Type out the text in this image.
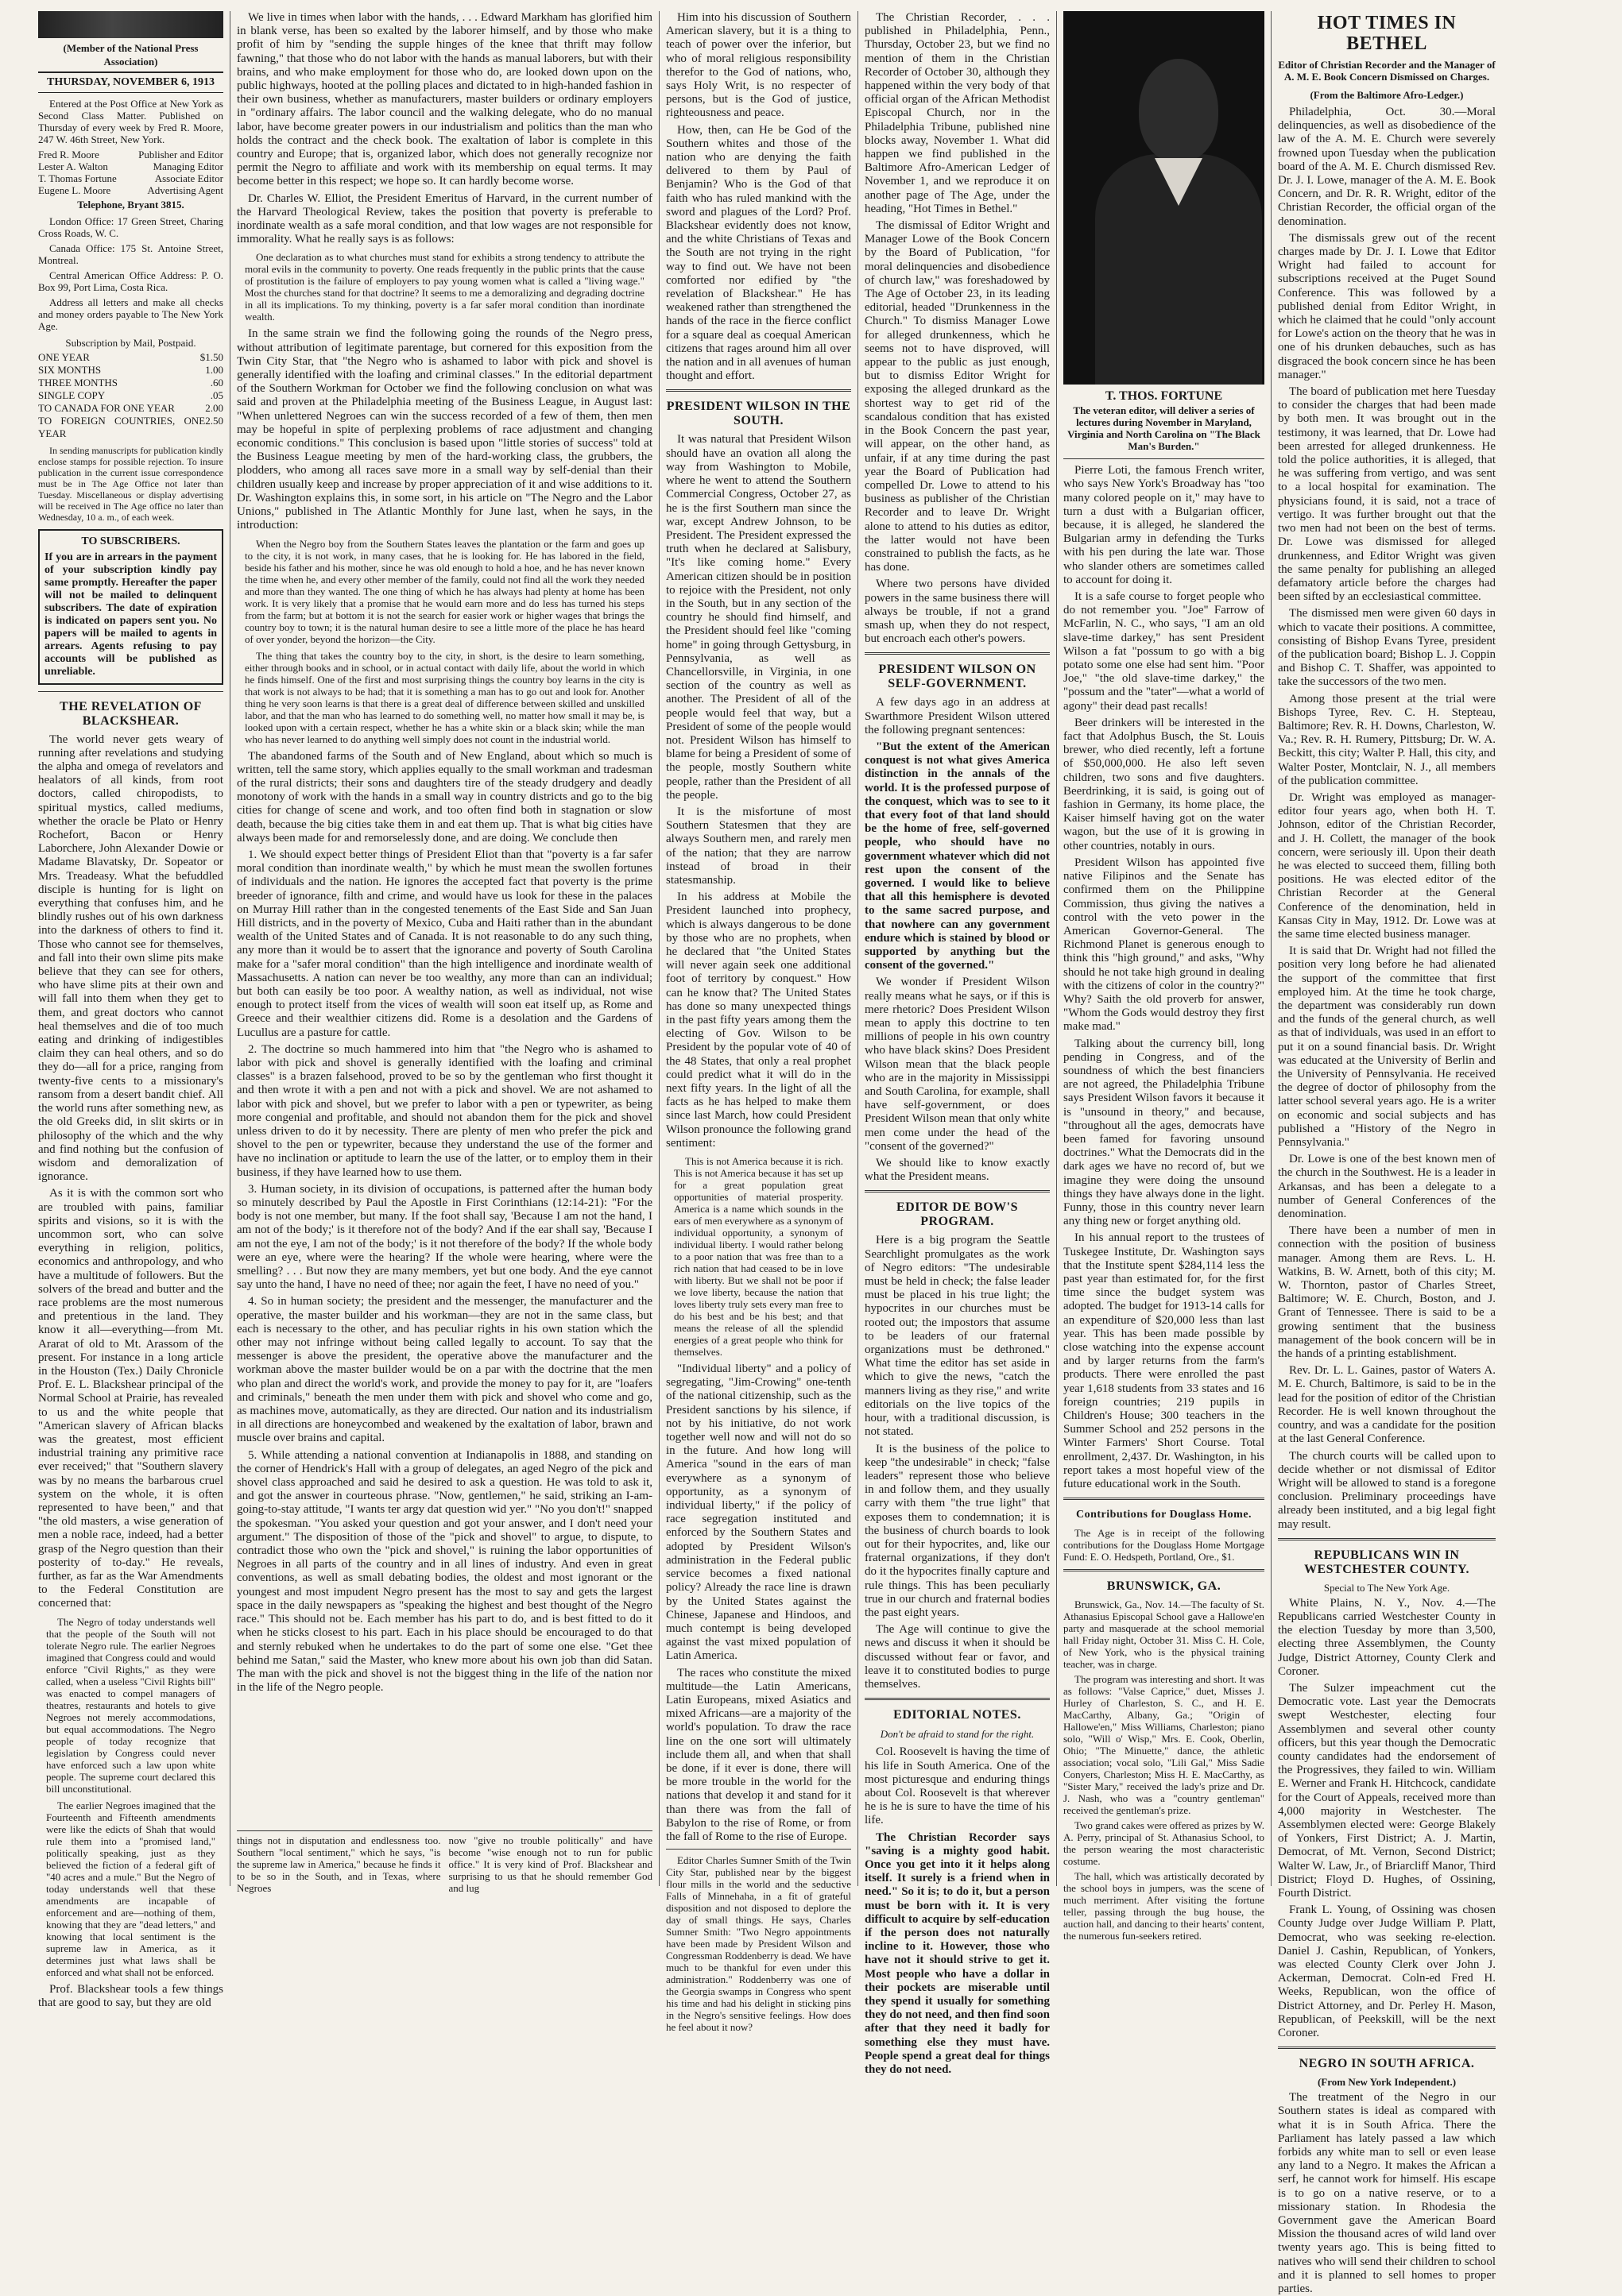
(Member of the National Press Association)
THURSDAY, NOVEMBER 6, 1913

Entered at the Post Office at New York as Second Class Matter. Published on Thursday of every week by Fred R. Moore, 247 W. 46th Street, New York.

Fred R. Moore	Publisher and Editor
Lester A. Walton	Managing Editor
T. Thomas Fortune	Associate Editor
Eugene L. Moore	Advertising Agent
Telephone, Bryant 3815.

London Office: 17 Green Street, Charing Cross Roads, W. C.

Canada Office: 175 St. Antoine Street, Montreal.

Central American Office Address: P. O. Box 99, Port Lima, Costa Rica.

Address all letters and make all checks and money orders payable to The New York Age.

Subscription by Mail, Postpaid.
ONE YEAR	$1.50
SIX MONTHS	1.00
THREE MONTHS	.60
SINGLE COPY	.05
TO CANADA FOR ONE YEAR	2.00
TO FOREIGN COUNTRIES, ONE YEAR
2.50

In sending manuscripts for publication kindly enclose stamps for possible rejection. To insure publication in the current issue correspondence must be in The Age Office not later than Tuesday. Miscellaneous or display advertising will be received in The Age office no later than Wednesday, 10 a. m., of each week.

TO SUBSCRIBERS.
If you are in arrears in the payment of your subscription kindly pay same promptly. Hereafter the paper will not be mailed to delinquent subscribers. The date of expiration is indicated on papers sent you. No papers will be mailed to agents in arrears. Agents refusing to pay accounts will be published as unreliable.
THE REVELATION OF BLACKSHEAR.

The world never gets weary of running after revelations and studying the alpha and omega of revelators and healators of all kinds, from root doctors, called chiropodists, to spiritual mystics, called mediums, whether the oracle be Plato or Henry Rochefort, Bacon or Henry Laborchere, John Alexander Dowie or Madame Blavatsky, Dr. Sopeator or Mrs. Treadeasy. What the befuddled disciple is hunting for is light on everything that confuses him, and he blindly rushes out of his own darkness into the darkness of others to find it. Those who cannot see for themselves, and fall into their own slime pits make believe that they can see for others, who have slime pits at their own and will fall into them when they get to them, and great doctors who cannot heal themselves and die of too much eating and drinking of indigestibles claim they can heal others, and so do they do—all for a price, ranging from twenty-five cents to a missionary's ransom from a desert bandit chief. All the world runs after something new, as the old Greeks did, in slit skirts or in philosophy of the which and the why and find nothing but the confusion of wisdom and demoralization of ignorance.

As it is with the common sort who are troubled with pains, familiar spirits and visions, so it is with the uncommon sort, who can solve everything in religion, politics, economics and anthropology, and who have a multitude of followers. But the solvers of the bread and butter and the race problems are the most numerous and pretentious in the land. They know it all—everything—from Mt. Ararat of old to Mt. Arassom of the present. For instance in a long article in the Houston (Tex.) Daily Chronicle Prof. E. L. Blackshear principal of the Normal School at Prairie, has revealed to us and the white people that "American slavery of African blacks was the greatest, most efficient industrial training any primitive race ever received;" that "Southern slavery was by no means the barbarous cruel system on the whole, it is often represented to have been," and that "the old masters, a wise generation of men a noble race, indeed, had a better grasp of the Negro question than their posterity of to-day." He reveals, further, as far as the War Amendments to the Federal Constitution are concerned that:

The Negro of today understands well that the people of the South will not tolerate Negro rule. The earlier Negroes imagined that Congress could and would enforce "Civil Rights," as they were called, when a useless "Civil Rights bill" was enacted to compel managers of theatres, restaurants and hotels to give Negroes not merely accommodations, but equal accommodations. The Negro people of today recognize that legislation by Congress could never have enforced such a law upon white people. The supreme court declared this bill unconstitutional.

The earlier Negroes imagined that the Fourteenth and Fifteenth amendments were like the edicts of Shah that would rule them into a "promised land," politically speaking, just as they believed the fiction of a federal gift of "40 acres and a mule." But the Negro of today understands well that these amendments are incapable of enforcement and are—nothing of them, knowing that they are "dead letters," and knowing that local sentiment is the supreme law in America, as it determines just what laws shall be enforced and what shall not be enforced.

Prof. Blackshear tools a few things that are good to say, but they are old

We live in times when labor with the hands, . . . Edward Markham has glorified him in blank verse, has been so exalted by the laborer himself, and by those who make profit of him by "sending the supple hinges of the knee that thrift may follow fawning," that those who do not labor with the hands as manual laborers, but with their brains, and who make employment for those who do, are looked down upon on the public highways, hooted at the polling places and dictated to in high-handed fashion in their own business, whether as manufacturers, master builders or ordinary employers in "ordinary affairs. The labor council and the walking delegate, who do no manual labor, have become greater powers in our industrialism and politics than the man who holds the contract and the check book. The exaltation of labor is complete in this country and Europe; that is, organized labor, which does not generally recognize nor permit the Negro to affiliate and work with its membership on equal terms. It may become better in this respect; we hope so. It can hardly become worse.

Dr. Charles W. Elliot, the President Emeritus of Harvard, in the current number of the Harvard Theological Review, takes the position that poverty is preferable to inordinate wealth as a safe moral condition, and that low wages are not responsible for immorality. What he really says is as follows:

One declaration as to what churches must stand for exhibits a strong tendency to attribute the moral evils in the community to poverty. One reads frequently in the public prints that the cause of prostitution is the failure of employers to pay young women what is called a "living wage." Most the churches stand for that doctrine? It seems to me a demoralizing and degrading doctrine in all its implications. To my thinking, poverty is a far safer moral condition than inordinate wealth.

In the same strain we find the following going the rounds of the Negro press, without attribution of legitimate parentage, but cornered for this exposition from the Twin City Star, that "the Negro who is ashamed to labor with pick and shovel is generally identified with the loafing and criminal classes." In the editorial department of the Southern Workman for October we find the following conclusion on what was said and proven at the Philadelphia meeting of the Business League, in August last: "When unlettered Negroes can win the success recorded of a few of them, then men may be hopeful in spite of perplexing problems of race adjustment and changing economic conditions." This conclusion is based upon "little stories of success" told at the Business League meeting by men of the hard-working class, the grubbers, the plodders, who among all races save more in a small way by self-denial than their children usually keep and increase by proper appreciation of it and wise additions to it. Dr. Washington explains this, in some sort, in his article on "The Negro and the Labor Unions," published in The Atlantic Monthly for June last, when he says, in the introduction:

When the Negro boy from the Southern States leaves the plantation or the farm and goes up to the city, it is not work, in many cases, that he is looking for. He has labored in the field, beside his father and his mother, since he was old enough to hold a hoe, and he has never known the time when he, and every other member of the family, could not find all the work they needed and more than they wanted. The one thing of which he has always had plenty at home has been work. It is very likely that a promise that he would earn more and do less has turned his steps from the farm; but at bottom it is not the search for easier work or higher wages that brings the country boy to town; it is the natural human desire to see a little more of the place he has heard of over yonder, beyond the horizon—the City.

The thing that takes the country boy to the city, in short, is the desire to learn something, either through books and in school, or in actual contact with daily life, about the world in which he finds himself. One of the first and most surprising things the country boy learns in the city is that work is not always to be had; that it is something a man has to go out and look for. Another thing he very soon learns is that there is a great deal of difference between skilled and unskilled labor, and that the man who has learned to do something well, no matter how small it may be, is looked upon with a certain respect, whether he has a white skin or a black skin; while the man who has never learned to do anything well simply does not count in the industrial world.

The abandoned farms of the South and of New England, about which so much is written, tell the same story, which applies equally to the small workman and tradesman of the rural districts; their sons and daughters tire of the steady drudgery and deadly monotony of work with the hands in a small way in country districts and go to the big cities for change of scene and work, and too often find both in stagnation or slow death, because the big cities take them in and eat them up. That is what big cities have always been made for and remorselessly done, and are doing. We conclude then

1. We should expect better things of President Eliot than that "poverty is a far safer moral condition than inordinate wealth," by which he must mean the swollen fortunes of individuals and the nation. He ignores the accepted fact that poverty is the prime breeder of ignorance, filth and crime, and would have us look for these in the palaces on Murray Hill rather than in the congested tenements of the East Side and San Juan Hill districts, and in the poverty of Mexico, Cuba and Haiti rather than in the abundant wealth of the United States and of Canada. It is not reasonable to do any such thing, any more than it would be to assert that the ignorance and poverty of South Carolina make for a "safer moral condition" than the high intelligence and inordinate wealth of Massachusetts. A nation can never be too wealthy, any more than can an individual; but both can easily be too poor. A wealthy nation, as well as individual, not wise enough to protect itself from the vices of wealth will soon eat itself up, as Rome and Greece and their wealthier citizens did. Rome is a desolation and the Gardens of Lucullus are a pasture for cattle.

2. The doctrine so much hammered into him that "the Negro who is ashamed to labor with pick and shovel is generally identified with the loafing and criminal classes" is a brazen falsehood, proved to be so by the gentleman who first thought it and then wrote it with a pen and not with a pick and shovel. We are not ashamed to labor with pick and shovel, but we prefer to labor with a pen or typewriter, as being more congenial and profitable, and should not abandon them for the pick and shovel unless driven to do it by necessity. There are plenty of men who prefer the pick and shovel to the pen or typewriter, because they understand the use of the former and have no inclination or aptitude to learn the use of the latter, or to employ them in their business, if they have learned how to use them.

3. Human society, in its division of occupations, is patterned after the human body so minutely described by Paul the Apostle in First Corinthians (12:14-21): "For the body is not one member, but many. If the foot shall say, 'Because I am not the hand, I am not of the body;' is it therefore not of the body? And if the ear shall say, 'Because I am not the eye, I am not of the body;' is it not therefore of the body? If the whole body were an eye, where were the hearing? If the whole were hearing, where were the smelling? . . . But now they are many members, yet but one body. And the eye cannot say unto the hand, I have no need of thee; nor again the feet, I have no need of you."

4. So in human society; the president and the messenger, the manufacturer and the operative, the master builder and his workman—they are not in the same class, but each is necessary to the other, and has peculiar rights in his own station which the other may not infringe without being called legally to account. To say that the messenger is above the president, the operative above the manufacturer and the workman above the master builder would be on a par with the doctrine that the men who plan and direct the world's work, and provide the money to pay for it, are "loafers and criminals," beneath the men under them with pick and shovel who come and go, as machines move, automatically, as they are directed. Our nation and its industrialism in all directions are honeycombed and weakened by the exaltation of labor, brawn and muscle over brains and capital.

5. While attending a national convention at Indianapolis in 1888, and standing on the corner of Hendrick's Hall with a group of delegates, an aged Negro of the pick and shovel class approached and said he desired to ask a question. He was told to ask it, and got the answer in courteous phrase. "Now, gentlemen," he said, striking an I-am-going-to-stay attitude, "I wants ter argy dat question wid yer." "No you don't!" snapped the spokesman. "You asked your question and got your answer, and I don't need your argument." The disposition of those of the "pick and shovel" to argue, to dispute, to contradict those who own the "pick and shovel," is ruining the labor opportunities of Negroes in all parts of the country and in all lines of industry. And even in great conventions, as well as small debating bodies, the oldest and most ignorant or the youngest and most impudent Negro present has the most to say and gets the largest space in the daily newspapers as "speaking the highest and best thought of the Negro race." This should not be. Each member has his part to do, and is best fitted to do it when he sticks closest to his part. Each in his place should be encouraged to do that and sternly rebuked when he undertakes to do the part of some one else. "Get thee behind me Satan," said the Master, who knew more about his own job than did Satan. The man with the pick and shovel is not the biggest thing in the life of the nation nor in the life of the Negro people.

things not in disputation and endlessness too. Southern "local sentiment," which he says, "is the supreme law in America," because he finds it to be so in the South, and in Texas, where Negroes
now "give no trouble politically" and have become "wise enough not to run for public office." It is very kind of Prof. Blackshear and surprising to us that he should remember God and lug

Him into his discussion of Southern American slavery, but it is a thing to teach of power over the inferior, but who of moral religious responsibility therefor to the God of nations, who, says Holy Writ, is no respecter of persons, but is the God of justice, righteousness and peace.

How, then, can He be God of the Southern whites and those of the nation who are denying the faith delivered to them by Paul of Benjamin? Who is the God of that faith who has ruled mankind with the sword and plagues of the Lord? Prof. Blackshear evidently does not know, and the white Christians of Texas and the South are not trying in the right way to find out. We have not been comforted nor edified by "the revelation of Blackshear." He has weakened rather than strengthened the hands of the race in the fierce conflict for a square deal as coequal American citizens that rages around him all over the nation and in all avenues of human thought and effort.

PRESIDENT WILSON IN THE SOUTH.

It was natural that President Wilson should have an ovation all along the way from Washington to Mobile, where he went to attend the Southern Commercial Congress, October 27, as he is the first Southern man since the war, except Andrew Johnson, to be President. The President expressed the truth when he declared at Salisbury, "It's like coming home." Every American citizen should be in position to rejoice with the President, not only in the South, but in any section of the country he should find himself, and the President should feel like "coming home" in going through Gettysburg, in Pennsylvania, as well as Chancellorsville, in Virginia, in one section of the country as well as another. The President of all of the people would feel that way, but a President of some of the people would not. President Wilson has himself to blame for being a President of some of the people, mostly Southern white people, rather than the President of all the people.

It is the misfortune of most Southern Statesmen that they are always Southern men, and rarely men of the nation; that they are narrow instead of broad in their statesmanship.

In his address at Mobile the President launched into prophecy, which is always dangerous to be done by those who are no prophets, when he declared that "the United States will never again seek one additional foot of territory by conquest." How can he know that? The United States has done so many unexpected things in the past fifty years among them the electing of Gov. Wilson to be President by the popular vote of 40 of the 48 States, that only a real prophet could predict what it will do in the next fifty years. In the light of all the facts as he has helped to make them since last March, how could President Wilson pronounce the following grand sentiment:

This is not America because it is rich. This is not America because it has set up for a great population great opportunities of material prosperity. America is a name which sounds in the ears of men everywhere as a synonym of individual opportunity, a synonym of individual liberty. I would rather belong to a poor nation that was free than to a rich nation that had ceased to be in love with liberty. But we shall not be poor if we love liberty, because the nation that loves liberty truly sets every man free to do his best and be his best; and that means the release of all the splendid energies of a great people who think for themselves.

"Individual liberty" and a policy of segregating, "Jim-Crowing" one-tenth of the national citizenship, such as the President sanctions by his silence, if not by his initiative, do not work together well now and will not do so in the future. And how long will America "sound in the ears of man everywhere as a synonym of opportunity, as a synonym of individual liberty," if the policy of race segregation instituted and enforced by the Southern States and adopted by President Wilson's administration in the Federal public service becomes a fixed national policy? Already the race line is drawn by the United States against the Chinese, Japanese and Hindoos, and much contempt is being developed against the vast mixed population of Latin America.

The races who constitute the mixed multitude—the Latin Americans, Latin Europeans, mixed Asiatics and mixed Africans—are a majority of the world's population. To draw the race line on the one sort will ultimately include them all, and when that shall be done, if it ever is done, there will be more trouble in the world for the nations that develop it and stand for it than there was from the fall of Babylon to the rise of Rome, or from the fall of Rome to the rise of Europe.

Editor Charles Sumner Smith of the Twin City Star, published near by the biggest flour mills in the world and the seductive Falls of Minnehaha, in a fit of grateful disposition and not disposed to deplore the day of small things. He says, Charles Sumner Smith: "Two Negro appointments have been made by President Wilson and Congressman Roddenberry is dead. We have much to be thankful for even under this administration." Roddenberry was one of the Georgia swamps in Congress who spent his time and had his delight in sticking pins in the Negro's sensitive feelings. How does he feel about it now?

The Christian Recorder, . . . published in Philadelphia, Penn., Thursday, October 23, but we find no mention of them in the Christian Recorder of October 30, although they happened within the very body of that official organ of the African Methodist Episcopal Church, nor in the Philadelphia Tribune, published nine blocks away, November 1. What did happen we find published in the Baltimore Afro-American Ledger of November 1, and we reproduce it on another page of The Age, under the heading, "Hot Times in Bethel."

The dismissal of Editor Wright and Manager Lowe of the Book Concern by the Board of Publication, "for moral delinquencies and disobedience of church law," was foreshadowed by The Age of October 23, in its leading editorial, headed "Drunkenness in the Church." To dismiss Manager Lowe for alleged drunkenness, which he seems not to have disproved, will appear to the public as just enough, but to dismiss Editor Wright for exposing the alleged drunkard as the shortest way to get rid of the scandalous condition that has existed in the Book Concern the past year, will appear, on the other hand, as unfair, if at any time during the past year the Board of Publication had compelled Dr. Lowe to attend to his business as publisher of the Christian Recorder and to leave Dr. Wright alone to attend to his duties as editor, the latter would not have been constrained to publish the facts, as he has done.

Where two persons have divided powers in the same business there will always be trouble, if not a grand smash up, when they do not respect, but encroach each other's powers.

PRESIDENT WILSON ON SELF-GOVERNMENT.

A few days ago in an address at Swarthmore President Wilson uttered the following pregnant sentences:

"But the extent of the American conquest is not what gives America distinction in the annals of the world. It is the professed purpose of the conquest, which was to see to it that every foot of that land should be the home of free, self-governed people, who should have no government whatever which did not rest upon the consent of the governed. I would like to believe that all this hemisphere is devoted to the same sacred purpose, and that nowhere can any government endure which is stained by blood or supported by anything but the consent of the governed."

We wonder if President Wilson really means what he says, or if this is mere rhetoric? Does President Wilson mean to apply this doctrine to ten millions of people in his own country who have black skins? Does President Wilson mean that the black people who are in the majority in Mississippi and South Carolina, for example, shall have self-government, or does President Wilson mean that only white men come under the head of the "consent of the governed?"

We should like to know exactly what the President means.

EDITOR DE BOW'S PROGRAM.

Here is a big program the Seattle Searchlight promulgates as the work of Negro editors: "The undesirable must be held in check; the false leader must be placed in his true light; the hypocrites in our churches must be rooted out; the impostors that assume to be leaders of our fraternal organizations must be dethroned." What time the editor has set aside in which to give the news, "catch the manners living as they rise," and write editorials on the live topics of the hour, with a traditional discussion, is not stated.

It is the business of the police to keep "the undesirable" in check; "false leaders" represent those who believe in and follow them, and they usually carry with them "the true light" that exposes them to condemnation; it is the business of church boards to look out for their hypocrites, and, like our fraternal organizations, if they don't do it the hypocrites finally capture and rule things. This has been peculiarly true in our church and fraternal bodies the past eight years.

The Age will continue to give the news and discuss it when it should be discussed without fear or favor, and leave it to constituted bodies to purge themselves.

EDITORIAL NOTES.
Don't be afraid to stand for the right.

Col. Roosevelt is having the time of his life in South America. One of the most picturesque and enduring things about Col. Roosevelt is that wherever he is he is sure to have the time of his life.

The Christian Recorder says "saving is a mighty good habit. Once you get into it it helps along itself. It surely is a friend when in need." So it is; to do it, but a person must be born with it. It is very difficult to acquire by self-education if the person does not naturally incline to it. However, those who have not it should strive to get it. Most people who have a dollar in their pockets are miserable until they spend it usually for something they do not need, and then find soon after that they need it badly for something else they must have. People spend a great deal for things they do not need.

T. THOS. FORTUNE
The veteran editor, will deliver a series of lectures during November in Maryland, Virginia and North Carolina on "The Black Man's Burden."

Pierre Loti, the famous French writer, who says New York's Broadway has "too many colored people on it," may have to turn a dust with a Bulgarian officer, because, it is alleged, he slandered the Bulgarian army in defending the Turks with his pen during the late war. Those who slander others are sometimes called to account for doing it.

It is a safe course to forget people who do not remember you. "Joe" Farrow of McFarlin, N. C., who says, "I am an old slave-time darkey," has sent President Wilson a fat "possum to go with a big potato some one else had sent him. "Poor Joe," "the old slave-time darkey," the "possum and the "tater"—what a world of agony" their dead past recalls!

Beer drinkers will be interested in the fact that Adolphus Busch, the St. Louis brewer, who died recently, left a fortune of $50,000,000. He also left seven children, two sons and five daughters. Beerdrinking, it is said, is going out of fashion in Germany, its home place, the Kaiser himself having got on the water wagon, but the use of it is growing in other countries, notably in ours.

President Wilson has appointed five native Filipinos and the Senate has confirmed them on the Philippine Commission, thus giving the natives a control with the veto power in the American Governor-General. The Richmond Planet is generous enough to think this "high ground," and asks, "Why should he not take high ground in dealing with the citizens of color in the country?" Why? Saith the old proverb for answer, "Whom the Gods would destroy they first make mad."

Talking about the currency bill, long pending in Congress, and of the soundness of which the best financiers are not agreed, the Philadelphia Tribune says President Wilson favors it because it is "unsound in theory," and because, "throughout all the ages, democrats have been famed for favoring unsound doctrines." What the Democrats did in the dark ages we have no record of, but we imagine they were doing the unsound things they have always done in the light. Funny, those in this country never learn any thing new or forget anything old.

In his annual report to the trustees of Tuskegee Institute, Dr. Washington says that the Institute spent $284,114 less the past year than estimated for, for the first time since the budget system was adopted. The budget for 1913-14 calls for an expenditure of $20,000 less than last year. This has been made possible by close watching into the expense account and by larger returns from the farm's products. There were enrolled the past year 1,618 students from 33 states and 16 foreign countries; 219 pupils in Children's House; 300 teachers in the Summer School and 252 persons in the Winter Farmers' Short Course. Total enrollment, 2,437. Dr. Washington, in his report takes a most hopeful view of the future educational work in the South.

Contributions for Douglass Home.

The Age is in receipt of the following contributions for the Douglass Home Mortgage Fund: E. O. Hedspeth, Portland, Ore., $1.

BRUNSWICK, GA.

Brunswick, Ga., Nov. 14.—The faculty of St. Athanasius Episcopal School gave a Hallowe'en party and masquerade at the school memorial hall Friday night, October 31. Miss C. H. Cole, of New York, who is the physical training teacher, was in charge.

The program was interesting and short. It was as follows: "Valse Caprice," duet, Misses J. Hurley of Charleston, S. C., and H. E. MacCarthy, Albany, Ga.; "Origin of Hallowe'en," Miss Williams, Charleston; piano solo, "Will o' Wisp," Mrs. E. Cook, Oberlin, Ohio; "The Minuette," dance, the athletic association; vocal solo, "Lili Gal," Miss Sadie Conyers, Charleston; Miss H. E. MacCarthy, as "Sister Mary," received the lady's prize and Dr. J. Nash, who was a "country gentleman" received the gentleman's prize.

Two grand cakes were offered as prizes by W. A. Perry, principal of St. Athanasius School, to the person wearing the most characteristic costume.

The hall, which was artistically decorated by the school boys in jumpers, was the scene of much merriment. After visiting the fortune teller, passing through the bug house, the auction hall, and dancing to their hearts' content, the numerous fun-seekers retired.

HOT TIMES IN BETHEL
Editor of Christian Recorder and the Manager of A. M. E. Book Concern Dismissed on Charges.
(From the Baltimore Afro-Ledger.)

Philadelphia, Oct. 30.—Moral delinquencies, as well as disobedience of the law of the A. M. E. Church were severely frowned upon Tuesday when the publication board of the A. M. E. Church dismissed Rev. Dr. J. I. Lowe, manager of the A. M. E. Book Concern, and Dr. R. R. Wright, editor of the Christian Recorder, the official organ of the denomination.

The dismissals grew out of the recent charges made by Dr. J. I. Lowe that Editor Wright had failed to account for subscriptions received at the Puget Sound Conference. This was followed by a published denial from Editor Wright, in which he claimed that he could "only account for Lowe's action on the theory that he was in one of his drunken debauches, such as has disgraced the book concern since he has been manager."

The board of publication met here Tuesday to consider the charges that had been made by both men. It was brought out in the testimony, it was learned, that Dr. Lowe had been arrested for alleged drunkenness. He told the police authorities, it is alleged, that he was suffering from vertigo, and was sent to a local hospital for examination. The physicians found, it is said, not a trace of vertigo. It was further brought out that the two men had not been on the best of terms. Dr. Lowe was dismissed for alleged drunkenness, and Editor Wright was given the same penalty for publishing an alleged defamatory article before the charges had been sifted by an ecclesiastical committee.

The dismissed men were given 60 days in which to vacate their positions. A committee, consisting of Bishop Evans Tyree, president of the publication board; Bishop L. J. Coppin and Bishop C. T. Shaffer, was appointed to take the successors of the two men.

Among those present at the trial were Bishops Tyree, Rev. C. H. Stepteau, Baltimore; Rev. R. H. Downs, Charleston, W. Va.; Rev. R. H. Rumery, Pittsburg; Dr. W. A. Beckitt, this city; Walter P. Hall, this city, and Walter Poster, Montclair, N. J., all members of the publication committee.

Dr. Wright was employed as manager-editor four years ago, when both H. T. Johnson, editor of the Christian Recorder, and J. H. Collett, the manager of the book concern, were seriously ill. Upon their death he was elected to succeed them, filling both positions. He was elected editor of the Christian Recorder at the General Conference of the denomination, held in Kansas City in May, 1912. Dr. Lowe was at the same time elected business manager.

It is said that Dr. Wright had not filled the position very long before he had alienated the support of the committee that first employed him. At the time he took charge, the department was considerably run down and the funds of the general church, as well as that of individuals, was used in an effort to put it on a sound financial basis. Dr. Wright was educated at the University of Berlin and the University of Pennsylvania. He received the degree of doctor of philosophy from the latter school several years ago. He is a writer on economic and social subjects and has published a "History of the Negro in Pennsylvania."

Dr. Lowe is one of the best known men of the church in the Southwest. He is a leader in Arkansas, and has been a delegate to a number of General Conferences of the denomination.

There have been a number of men in connection with the position of business manager. Among them are Revs. L. H. Watkins, B. W. Arnett, both of this city; M. W. Thornton, pastor of Charles Street, Baltimore; W. E. Church, Boston, and J. Grant of Tennessee. There is said to be a growing sentiment that the business management of the book concern will be in the hands of a printing establishment.

Rev. Dr. L. L. Gaines, pastor of Waters A. M. E. Church, Baltimore, is said to be in the lead for the position of editor of the Christian Recorder. He is well known throughout the country, and was a candidate for the position at the last General Conference.

The church courts will be called upon to decide whether or not dismissal of Editor Wright will be allowed to stand is a foregone conclusion. Preliminary proceedings have already been instituted, and a big legal fight may result.

REPUBLICANS WIN IN WESTCHESTER COUNTY.
Special to The New York Age.

White Plains, N. Y., Nov. 4.—The Republicans carried Westchester County in the election Tuesday by more than 3,500, electing three Assemblymen, the County Judge, District Attorney, County Clerk and Coroner.

The Sulzer impeachment cut the Democratic vote. Last year the Democrats swept Westchester, electing four Assemblymen and several other county officers, but this year though the Democratic county candidates had the endorsement of the Progressives, they failed to win. William E. Werner and Frank H. Hitchcock, candidate for the Court of Appeals, received more than 4,000 majority in Westchester. The Assemblymen elected were: George Blakely of Yonkers, First District; A. J. Martin, Democrat, of Mt. Vernon, Second District; Walter W. Law, Jr., of Briarcliff Manor, Third District; Floyd D. Hughes, of Ossining, Fourth District.

Frank L. Young, of Ossining was chosen County Judge over Judge William P. Platt, Democrat, who was seeking re-election. Daniel J. Cashin, Republican, of Yonkers, was elected County Clerk over John J. Ackerman, Democrat. Coln-ed Fred H. Weeks, Republican, won the office of District Attorney, and Dr. Perley H. Mason, Republican, of Peekskill, will be the next Coroner.

NEGRO IN SOUTH AFRICA.
(From New York Independent.)

The treatment of the Negro in our Southern states is ideal as compared with what it is in South Africa. There the Parliament has lately passed a law which forbids any white man to sell or even lease any land to a Negro. It makes the African a serf, he cannot work for himself. His escape is to go on a native reserve, or to a missionary station. In Rhodesia the Government gave the American Board Mission the thousand acres of wild land over twenty years ago. This is being fitted to natives who will send their children to school and it is planned to sell homes to proper parties.
